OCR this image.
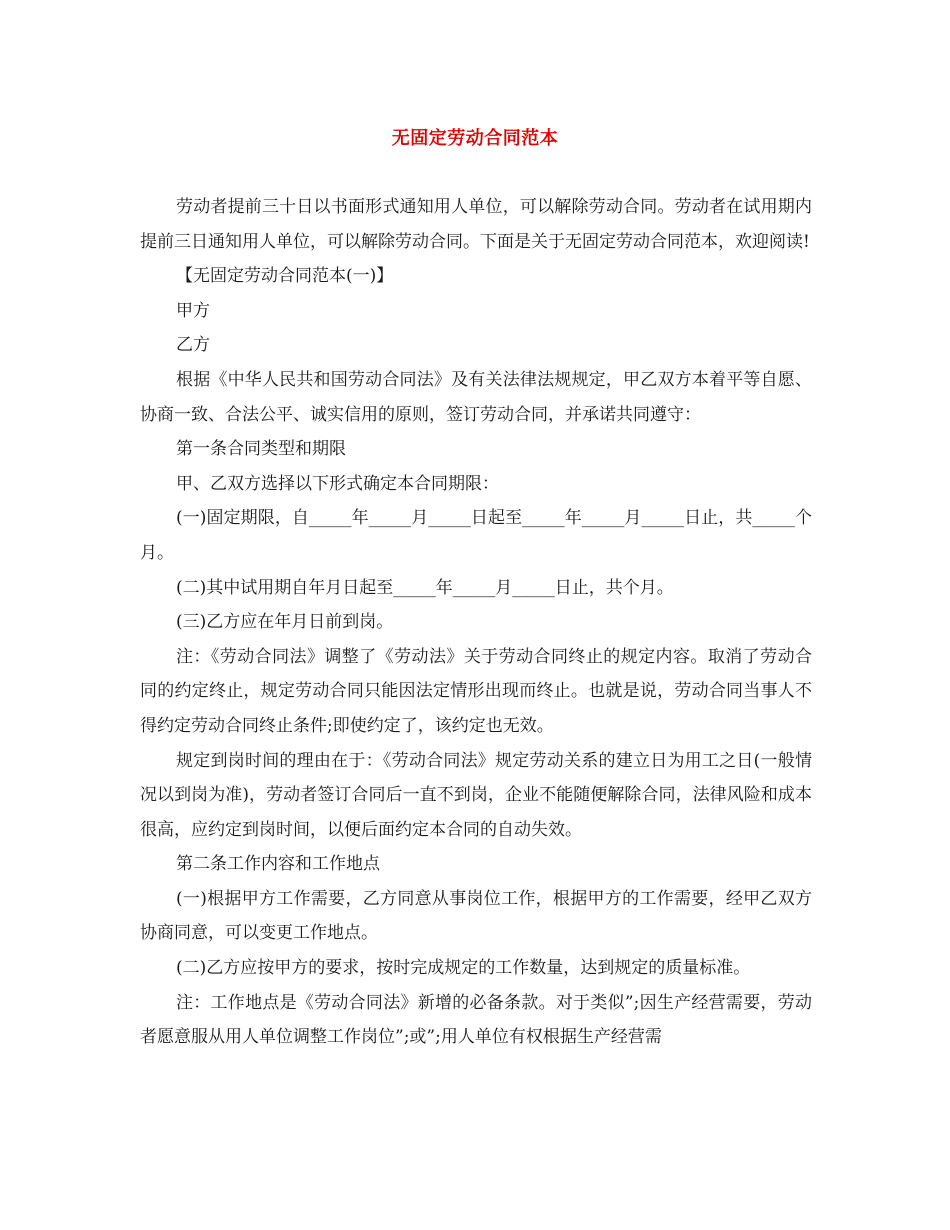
无固定劳动合同范本

劳动者提前三十日以书面形式通知用人单位，可以解除劳动合同。劳动者在试用期内提前三日通知用人单位，可以解除劳动合同。下面是关于无固定劳动合同范本，欢迎阅读!

【无固定劳动合同范本(一)】

甲方

乙方

根据《中华人民共和国劳动合同法》及有关法律法规规定，甲乙双方本着平等自愿、协商一致、合法公平、诚实信用的原则，签订劳动合同，并承诺共同遵守：

第一条合同类型和期限

甲、乙双方选择以下形式确定本合同期限：

(一)固定期限，自_____年_____月_____日起至_____年_____月_____日止，共_____个月。

(二)其中试用期自年月日起至_____年_____月_____日止，共个月。

(三)乙方应在年月日前到岗。

注：《劳动合同法》调整了《劳动法》关于劳动合同终止的规定内容。取消了劳动合同的约定终止，规定劳动合同只能因法定情形出现而终止。也就是说，劳动合同当事人不得约定劳动合同终止条件;即使约定了，该约定也无效。

规定到岗时间的理由在于：《劳动合同法》规定劳动关系的建立日为用工之日(一般情况以到岗为准)，劳动者签订合同后一直不到岗，企业不能随便解除合同，法律风险和成本很高，应约定到岗时间，以便后面约定本合同的自动失效。

第二条工作内容和工作地点

(一)根据甲方工作需要，乙方同意从事岗位工作，根据甲方的工作需要，经甲乙双方协商同意，可以变更工作地点。

(二)乙方应按甲方的要求，按时完成规定的工作数量，达到规定的质量标准。

注：工作地点是《劳动合同法》新增的必备条款。对于类似”;因生产经营需要，劳动者愿意服从用人单位调整工作岗位”;或”;用人单位有权根据生产经营需
